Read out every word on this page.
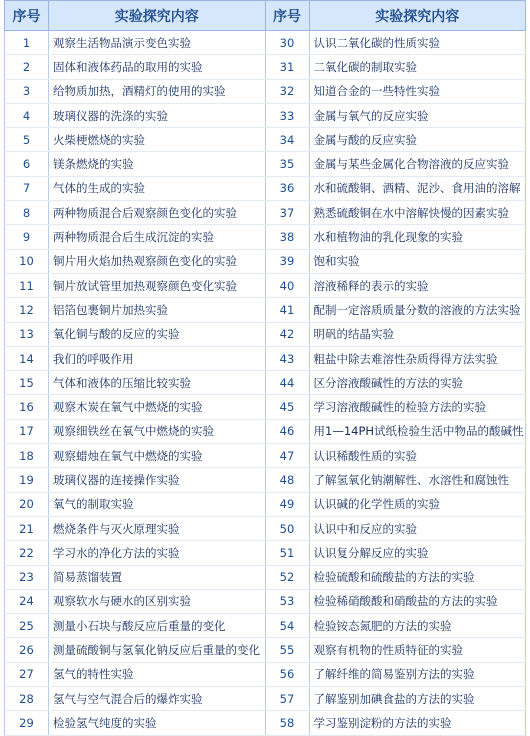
序号	实验探究内容	序号	实验探究内容
1	观察生活物品演示变色实验	30	认识二氧化碳的性质实验
2	固体和液体药品的取用的实验	31	二氧化碳的制取实验
3	给物质加热，酒精灯的使用的实验	32	知道合金的一些特性实验
4	玻璃仪器的洗涤的实验	33	金属与氧气的反应实验
5	火柴梗燃烧的实验	34	金属与酸的反应实验
6	镁条燃烧的实验	35	金属与某些金属化合物溶液的反应实验
7	气体的生成的实验	36	水和硫酸铜、酒精、泥沙、食用油的溶解
8	两种物质混合后观察颜色变化的实验	37	熟悉硫酸铜在水中溶解快慢的因素实验
9	两种物质混合后生成沉淀的实验	38	水和植物油的乳化现象的实验
10	铜片用火焰加热观察颜色变化的实验	39	饱和实验
11	铜片放试管里加热观察颜色变化实验	40	溶液稀释的表示的实验
12	铝箔包裹铜片加热实验	41	配制一定溶质质量分数的溶液的方法实验
13	氧化铜与酸的反应的实验	42	明矾的结晶实验
14	我们的呼吸作用	43	粗盐中除去难溶性杂质得得方法实验
15	气体和液体的压缩比较实验	44	区分溶液酸碱性的方法的实验
16	观察木炭在氧气中燃烧的实验	45	学习溶液酸碱性的检验方法的实验
17	观察细铁丝在氧气中燃烧的实验	46	用1—14PH试纸检验生活中物品的酸碱性
18	观察蜡烛在氧气中燃烧的实验	47	认识稀酸性质的实验
19	玻璃仪器的连接操作实验	48	了解氢氧化钠潮解性、水溶性和腐蚀性
20	氧气的制取实验	49	认识碱的化学性质的实验
21	燃烧条件与灭火原理实验	50	认识中和反应的实验
22	学习水的净化方法的实验	51	认识复分解反应的实验
23	简易蒸馏装置	52	检验硫酸和硫酸盐的方法的实验
24	观察软水与硬水的区别实验	53	检验稀硝酸酸和硝酸盐的方法的实验
25	测量小石块与酸反应后重量的变化	54	检验铵态氮肥的方法的实验
26	测量硫酸铜与氢氧化钠反应后重量的变化	55	观察有机物的性质特征的实验
27	氢气的特性实验	56	了解纤维的简易鉴别方法的实验
28	氢气与空气混合后的爆炸实验	57	了解鉴别加碘食盐的方法的实验
29	检验氢气纯度的实验	58	学习鉴别淀粉的方法的实验
